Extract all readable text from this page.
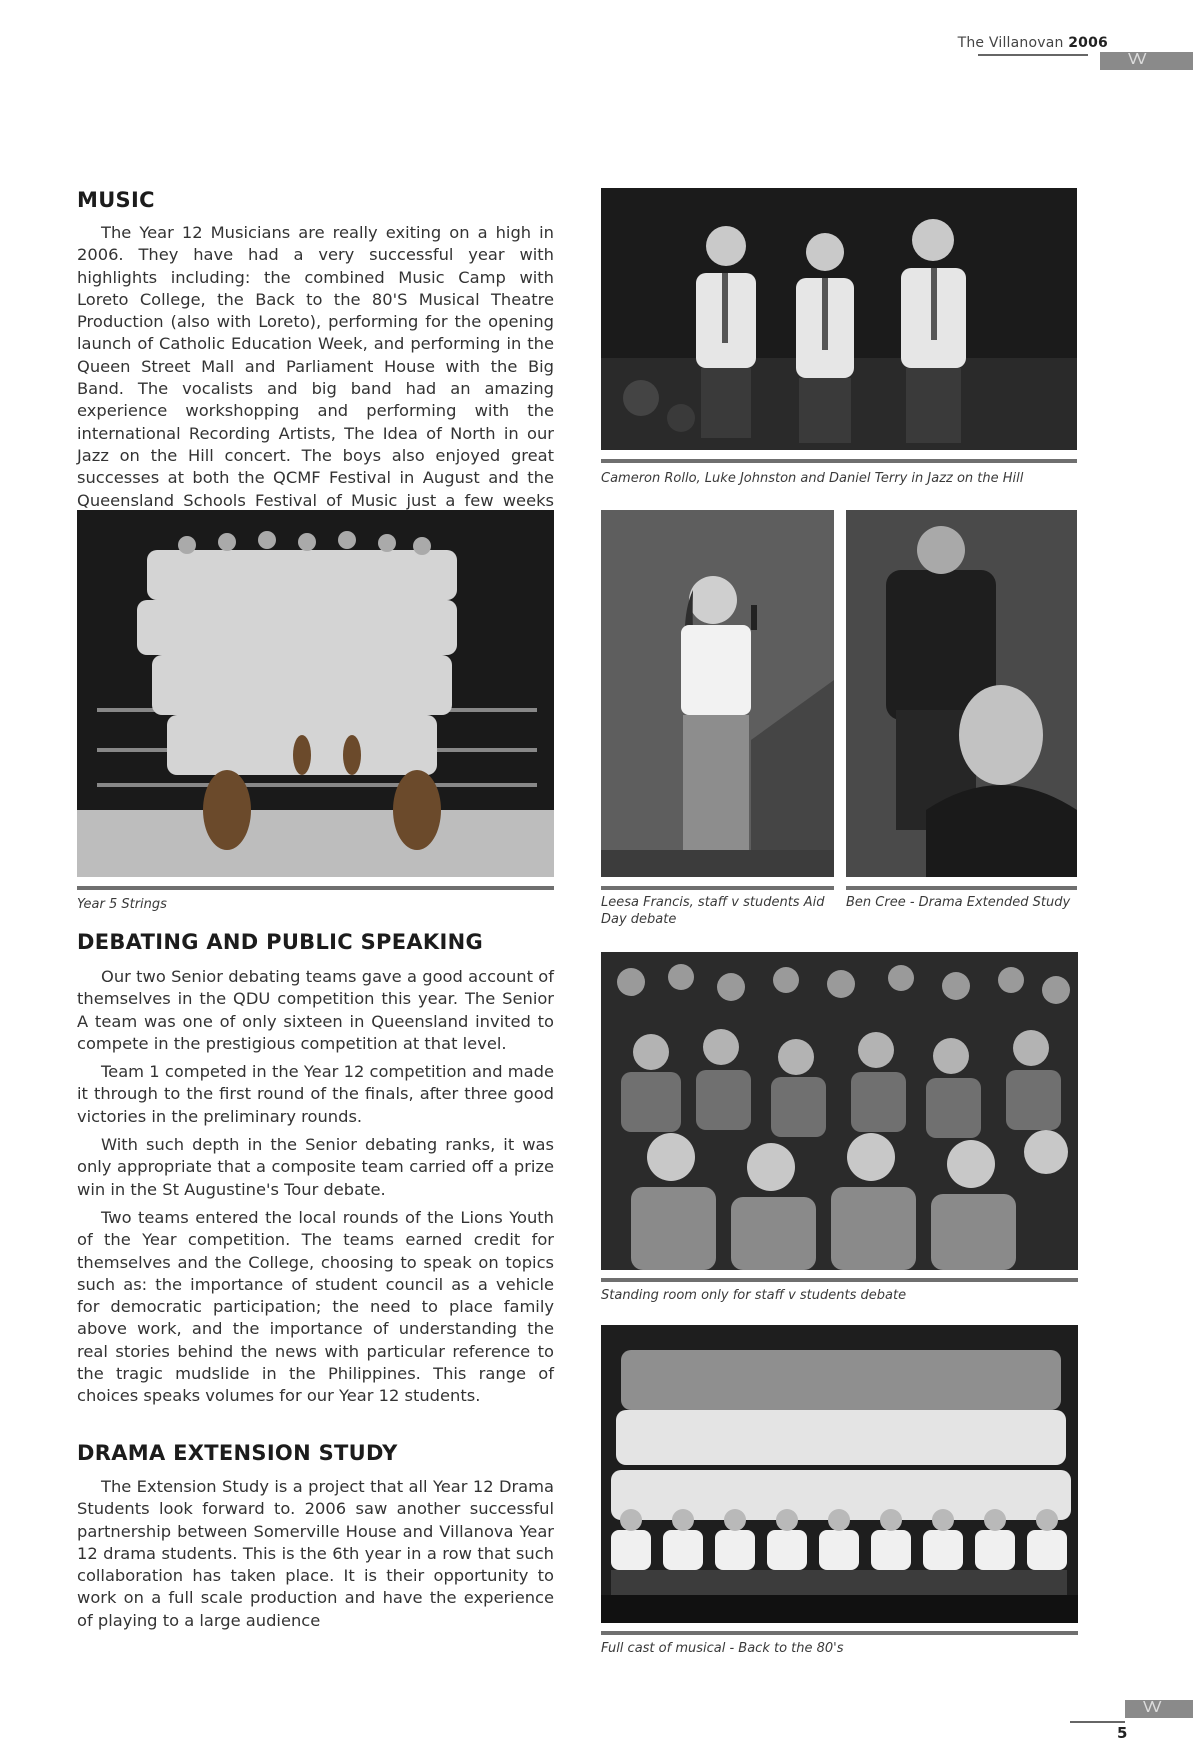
The Villanovan 2006
VV
MUSIC

The Year 12 Musicians are really exiting on a high in 2006. They have had a very successful year with highlights including: the combined Music Camp with Loreto College, the Back to the 80'S Musical Theatre Production (also with Loreto), performing for the opening launch of Catholic Education Week, and performing in the Queen Street Mall and Parliament House with the Big Band. The vocalists and big band had an amazing experience workshopping and performing with the international Recording Artists, The Idea of North in our Jazz on the Hill concert. The boys also enjoyed great successes at both the QCMF Festival in August and the Queensland Schools Festival of Music just a few weeks

Cameron Rollo, Luke Johnston and Daniel Terry in Jazz on the Hill
Year 5 Strings	Leesa Francis, staff v students Aid Day debate
Ben Cree - Drama Extended Study
DEBATING AND PUBLIC SPEAKING

Our two Senior debating teams gave a good account of themselves in the QDU competition this year. The Senior A team was one of only sixteen in Queensland invited to compete in the prestigious competition at that level.

Team 1 competed in the Year 12 competition and made it through to the first round of the finals, after three good victories in the preliminary rounds.

With such depth in the Senior debating ranks, it was only appropriate that a composite team carried off a prize win in the St Augustine's Tour debate.

Two teams entered the local rounds of the Lions Youth of the Year competition. The teams earned credit for themselves and the College, choosing to speak on topics such as: the importance of student council as a vehicle for democratic participation; the need to place family above work, and the importance of understanding the real stories behind the news with particular reference to the tragic mudslide in the Philippines. This range of choices speaks volumes for our Year 12 students.

Standing room only for staff v students debate
DRAMA EXTENSION STUDY

The Extension Study is a project that all Year 12 Drama Students look forward to. 2006 saw another successful partnership between Somerville House and Villanova Year 12 drama students. This is the 6th year in a row that such collaboration has taken place. It is their opportunity to work on a full scale production and have the experience of playing to a large audience

Full cast of musical - Back to the 80's
VV
5
